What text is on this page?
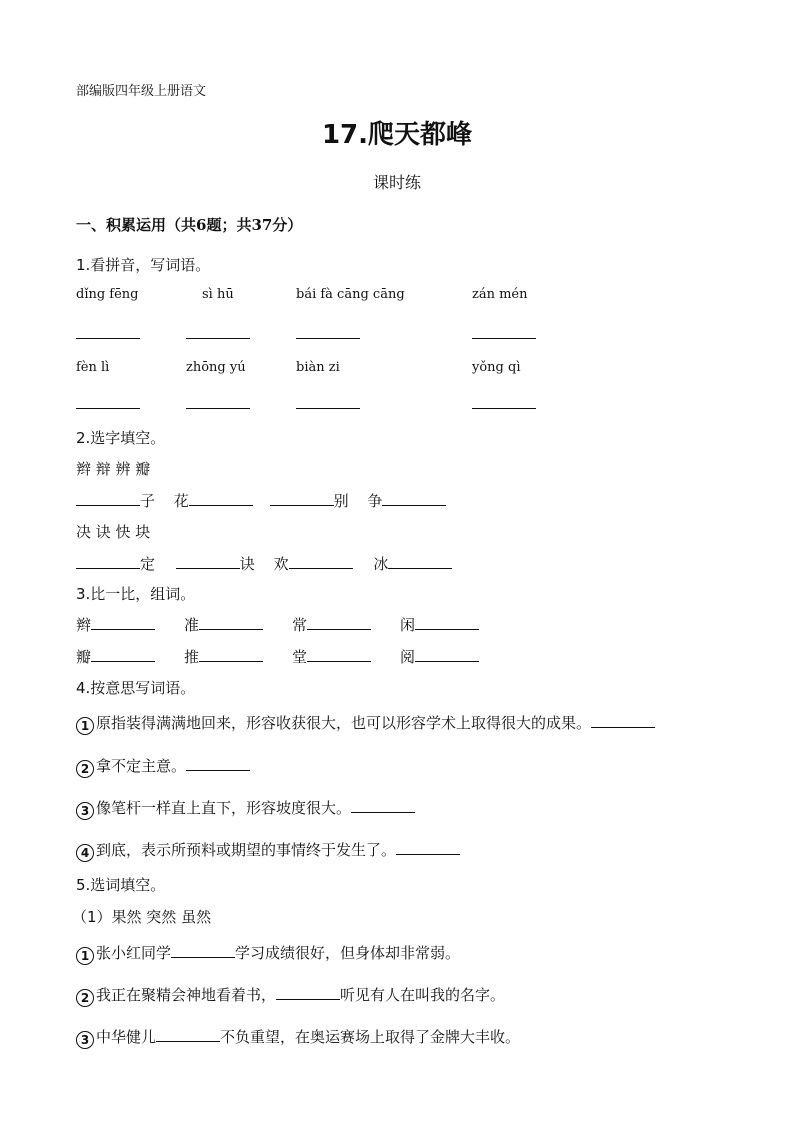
部编版四年级上册语文
17.爬天都峰
课时练
一、积累运用（共6题；共37分）
1.看拼音，写词语。
dǐng fēng	sì hū	bái fà cāng cāng	zán mén
fèn lì	zhōng yú	biàn zi	yǒng qì
2.选字填空。
辫 辩 辨 瓣
子 花	别 争
决 诀 快 块
定	诀 欢	冰
3.比一比，组词。
辫	准	常	闲
瓣	推	堂	阅
4.按意思写词语。
1 原指装得满满地回来，形容收获很大，也可以形容学术上取得很大的成果。
2 拿不定主意。
3 像笔杆一样直上直下，形容坡度很大。
4 到底，表示所预料或期望的事情终于发生了。
5.选词填空。
（1）果然 突然 虽然
1 张小红同学	学习成绩很好，但身体却非常弱。
2 我正在聚精会神地看着书，	听见有人在叫我的名字。
3 中华健儿	不负重望，在奥运赛场上取得了金牌大丰收。
